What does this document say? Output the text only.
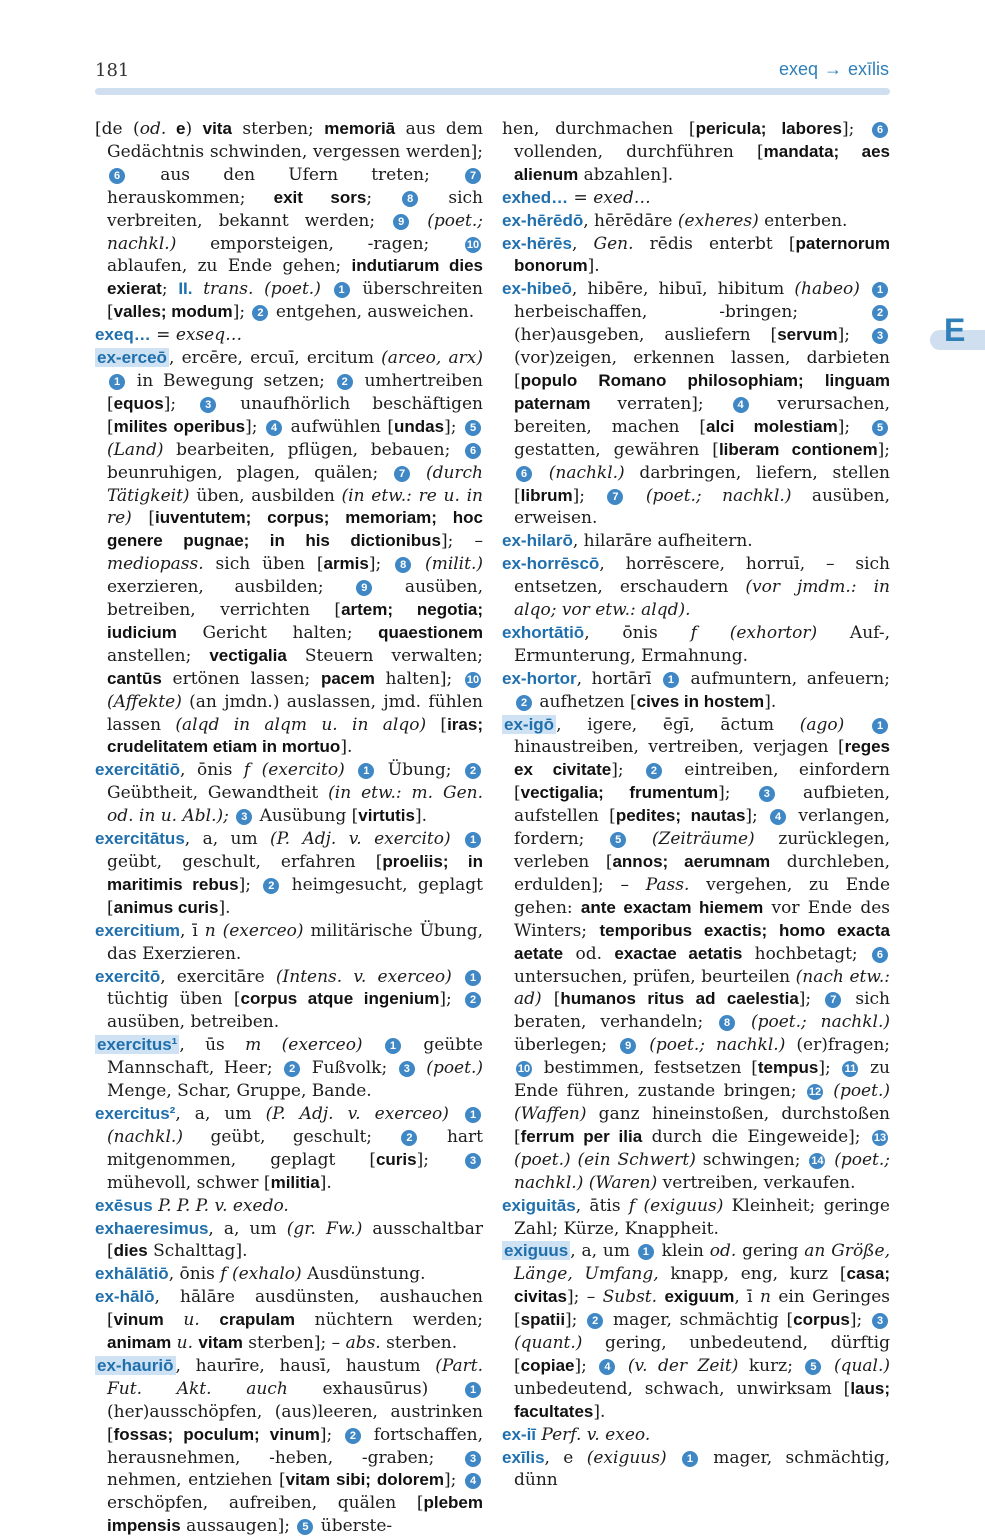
181	exeq → exīlis
E
[de (od. e) vita sterben; memoriā aus dem Gedächtnis schwinden, vergessen werden]; 6 aus den Ufern treten; 7 herauskommen; exit sors; 8 sich verbreiten, bekannt werden; 9 (poet.; nachkl.) emporsteigen, -ragen; 10 ablaufen, zu Ende gehen; indutiarum dies exierat; II. trans. (poet.) 1 überschreiten [valles; modum]; 2 entgehen, ausweichen.
exeq… = exseq…
ex-erceō , ercēre, ercuī, ercitum (arceo, arx) 1 in Bewegung setzen; 2 umhertreiben [equos]; 3 unaufhörlich beschäftigen [milites operibus]; 4 aufwühlen [undas]; 5 (Land) bearbeiten, pflügen, bebauen; 6 beunruhigen, plagen, quälen; 7 (durch Tätigkeit) üben, ausbilden (in etw.: re u. in re) [iuventutem; corpus; memoriam; hoc genere pugnae; in his dictionibus]; – mediopass. sich üben [armis]; 8 (milit.) exerzieren, ausbilden; 9 ausüben, betreiben, verrichten [artem; negotia; iudicium Gericht halten; quaestionem anstellen; vectigalia Steuern verwalten; cantūs ertönen lassen; pacem halten]; 10 (Affekte) (an jmdn.) auslassen, jmd. fühlen lassen (alqd in alqm u. in alqo) [iras; crudelitatem etiam in mortuo].
exercitātiō, ōnis f (exercito) 1 Übung; 2 Geübtheit, Gewandtheit (in etw.: m. Gen. od. in u. Abl.); 3 Ausübung [virtutis].
exercitātus, a, um (P. Adj. v. exercito) 1 geübt, geschult, erfahren [proeliis; in maritimis rebus]; 2 heimgesucht, geplagt [animus curis].
exercitium, ī n (exerceo) militärische Übung, das Exerzieren.
exercitō, exercitāre (Intens. v. exerceo) 1 tüchtig üben [corpus atque ingenium]; 2 ausüben, betreiben.
exercitus¹ , ūs m (exerceo) 1 geübte Mannschaft, Heer; 2 Fußvolk; 3 (poet.) Menge, Schar, Gruppe, Bande.
exercitus², a, um (P. Adj. v. exerceo) 1 (nachkl.) geübt, geschult; 2 hart mitgenommen, geplagt [curis]; 3 mühevoll, schwer [militia].
exēsus P. P. P. v. exedo.
exhaeresimus, a, um (gr. Fw.) ausschaltbar [dies Schalttag].
exhālātiō, ōnis f (exhalo) Ausdünstung.
ex-hālō, hālāre ausdünsten, aushauchen [vinum u. crapulam nüchtern werden; animam u. vitam sterben]; – abs. sterben.
ex-hauriō , haurīre, hausī, haustum (Part. Fut. Akt. auch exhausūrus) 1 (her)ausschöpfen, (aus)leeren, austrinken [fossas; poculum; vinum]; 2 fortschaffen, herausnehmen, -heben, -graben; 3 nehmen, entziehen [vitam sibi; dolorem]; 4 erschöpfen, aufreiben, quälen [plebem impensis aussaugen]; 5 überste-
hen, durchmachen [pericula; labores]; 6 vollenden, durchführen [mandata; aes alienum abzahlen].
exhed… = exed…
ex-hērēdō, hērēdāre (exheres) enterben.
ex-hērēs, Gen. rēdis enterbt [paternorum bonorum].
ex-hibeō, hibēre, hibuī, hibitum (habeo) 1 herbeischaffen, -bringen; 2 (her)ausgeben, ausliefern [servum]; 3 (vor)zeigen, erkennen lassen, darbieten [populo Romano philosophiam; linguam paternam verraten]; 4 verursachen, bereiten, machen [alci molestiam]; 5 gestatten, gewähren [liberam contionem]; 6 (nachkl.) darbringen, liefern, stellen [librum]; 7 (poet.; nachkl.) ausüben, erweisen.
ex-hilarō, hilarāre aufheitern.
ex-horrēscō, horrēscere, horruī, – sich entsetzen, erschaudern (vor jmdm.: in alqo; vor etw.: alqd).
exhortātiō, ōnis f (exhortor) Auf-, Ermunterung, Ermahnung.
ex-hortor, hortārī 1 aufmuntern, anfeuern; 2 aufhetzen [cives in hostem].
ex-igō , igere, ēgī, āctum (ago)	1 hinaustreiben, vertreiben, verjagen [reges ex civitate]; 2 eintreiben, einfordern [vectigalia; frumentum]; 3 aufbieten, aufstellen [pedites; nautas]; 4 verlangen, fordern; 5 (Zeiträume) zurücklegen, verleben [annos; aerumnam durchleben, erdulden]; – Pass. vergehen, zu Ende gehen: ante exactam hiemem vor Ende des Winters; temporibus exactis; homo exacta aetate od. exactae aetatis hochbetagt; 6 untersuchen, prüfen, beurteilen (nach etw.: ad) [humanos ritus ad caelestia]; 7 sich beraten, verhandeln; 8 (poet.; nachkl.) überlegen; 9 (poet.; nachkl.) (er)fragen; 10 bestimmen, festsetzen [tempus]; 11 zu Ende führen, zustande bringen; 12 (poet.) (Waffen) ganz hineinstoßen, durchstoßen [ferrum per ilia durch die Eingeweide]; 13 (poet.) (ein Schwert) schwingen; 14 (poet.; nachkl.) (Waren) vertreiben, verkaufen.
exiguitās, ātis f (exiguus) Kleinheit; geringe Zahl; Kürze, Knappheit.
exiguus , a, um 1 klein od. gering an Größe, Länge, Umfang, knapp, eng, kurz [casa; civitas]; – Subst. exiguum, ī n ein Geringes [spatii]; 2 mager, schmächtig [corpus]; 3 (quant.) gering, unbedeutend, dürftig [copiae]; 4 (v. der Zeit) kurz; 5 (qual.) unbedeutend, schwach, unwirksam [laus; facultates].
ex-iī Perf. v. exeo.
exīlis, e (exiguus) 1 mager, schmächtig, dünn
